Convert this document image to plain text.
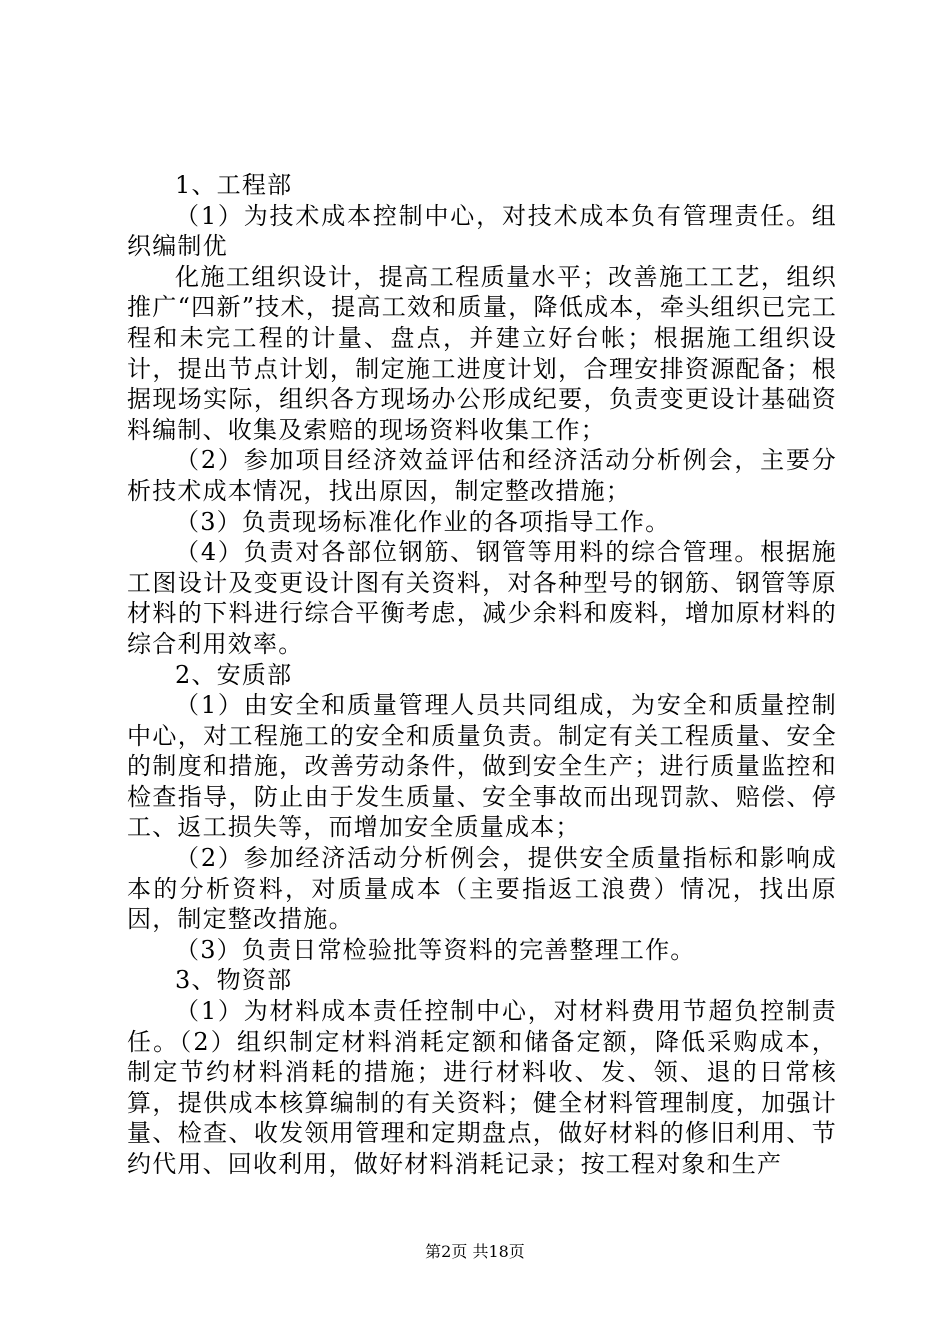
1、工程部

（1）为技术成本控制中心，对技术成本负有管理责任。组织编制优

化施工组织设计，提高工程质量水平；改善施工工艺，组织推广“四新”技术，提高工效和质量，降低成本，牵头组织已完工程和未完工程的计量、盘点，并建立好台帐；根据施工组织设计，提出节点计划，制定施工进度计划，合理安排资源配备；根据现场实际，组织各方现场办公形成纪要，负责变更设计基础资料编制、收集及索赔的现场资料收集工作；

（2）参加项目经济效益评估和经济活动分析例会，主要分析技术成本情况，找出原因，制定整改措施；

（3）负责现场标准化作业的各项指导工作。

（4）负责对各部位钢筋、钢管等用料的综合管理。根据施工图设计及变更设计图有关资料，对各种型号的钢筋、钢管等原材料的下料进行综合平衡考虑，减少余料和废料，增加原材料的综合利用效率。

2、安质部

（1）由安全和质量管理人员共同组成，为安全和质量控制中心，对工程施工的安全和质量负责。制定有关工程质量、安全的制度和措施，改善劳动条件，做到安全生产；进行质量监控和检查指导，防止由于发生质量、安全事故而出现罚款、赔偿、停工、返工损失等，而增加安全质量成本；

（2）参加经济活动分析例会，提供安全质量指标和影响成本的分析资料，对质量成本（主要指返工浪费）情况，找出原因，制定整改措施。

（3）负责日常检验批等资料的完善整理工作。

3、物资部

（1）为材料成本责任控制中心，对材料费用节超负控制责任。（2）组织制定材料消耗定额和储备定额，降低采购成本，制定节约材料消耗的措施；进行材料收、发、领、退的日常核算，提供成本核算编制的有关资料；健全材料管理制度，加强计量、检查、收发领用管理和定期盘点，做好材料的修旧利用、节约代用、回收利用，做好材料消耗记录；按工程对象和生产

第2页 共18页
